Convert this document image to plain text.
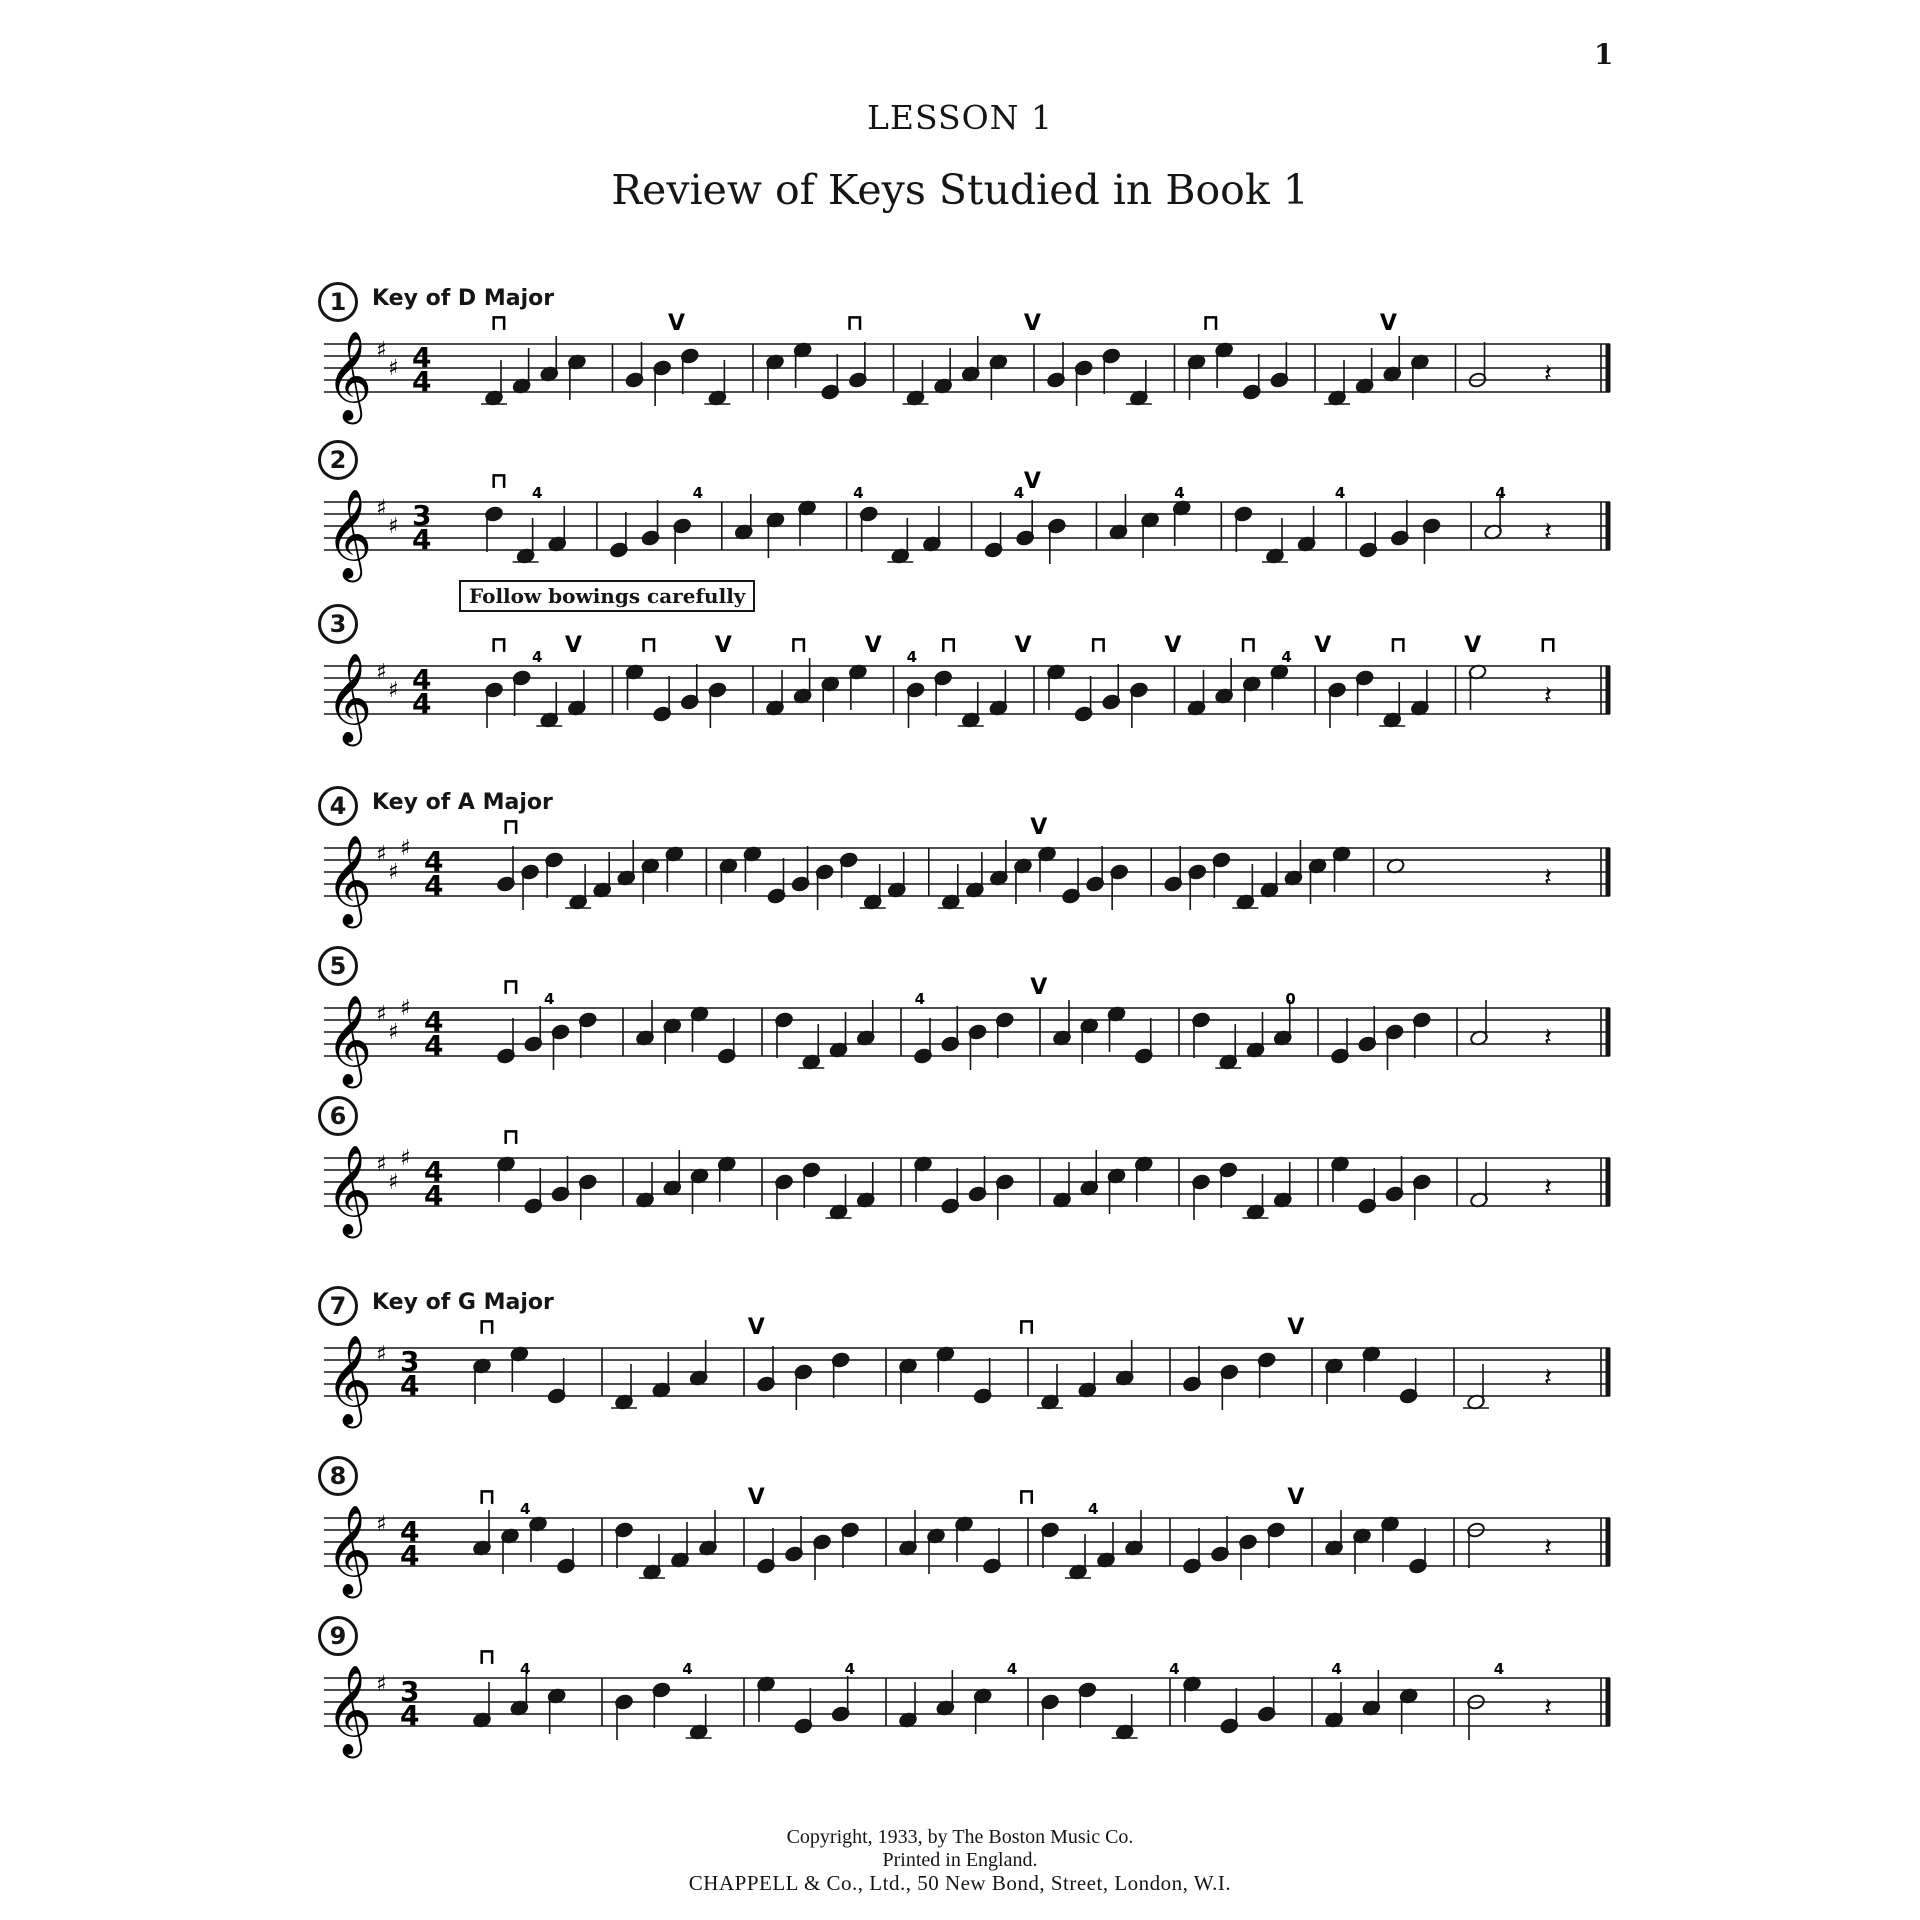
1
LESSON 1
Review of Keys Studied in Book 1
1	Key of D Major
𝄞 ♯
♯ 4
4	𝄽
⊓	V	⊓	V	⊓	V
2
𝄞 ♯
♯ 3
4	𝄽
⊓	V
4	4	4	4	4	4	4
Follow bowings carefully
3
𝄞 ♯
♯ 4
4	𝄽
⊓	V	⊓	V	⊓	V	⊓	V	⊓	V	⊓	V	⊓	V	⊓
4	4	4
4	Key of A Major
𝄞 ♯
♯
♯ 4
4	𝄽
⊓	V
5
𝄞 ♯
♯
♯ 4
4	𝄽
⊓	V
4	4	0
6
𝄞 ♯
♯
♯ 4
4	𝄽
⊓
7	Key of G Major
𝄞 ♯ 3
4	𝄽
⊓	V	⊓	V
8
𝄞 ♯ 4
4	𝄽
⊓	V	⊓	V
4	4
9
𝄞 ♯ 3
4	𝄽
⊓ 4	4	4	4	4	4	4
Copyright, 1933, by The Boston Music Co.
Printed in England.
CHAPPELL & Co., Ltd., 50 New Bond, Street, London, W.I.
